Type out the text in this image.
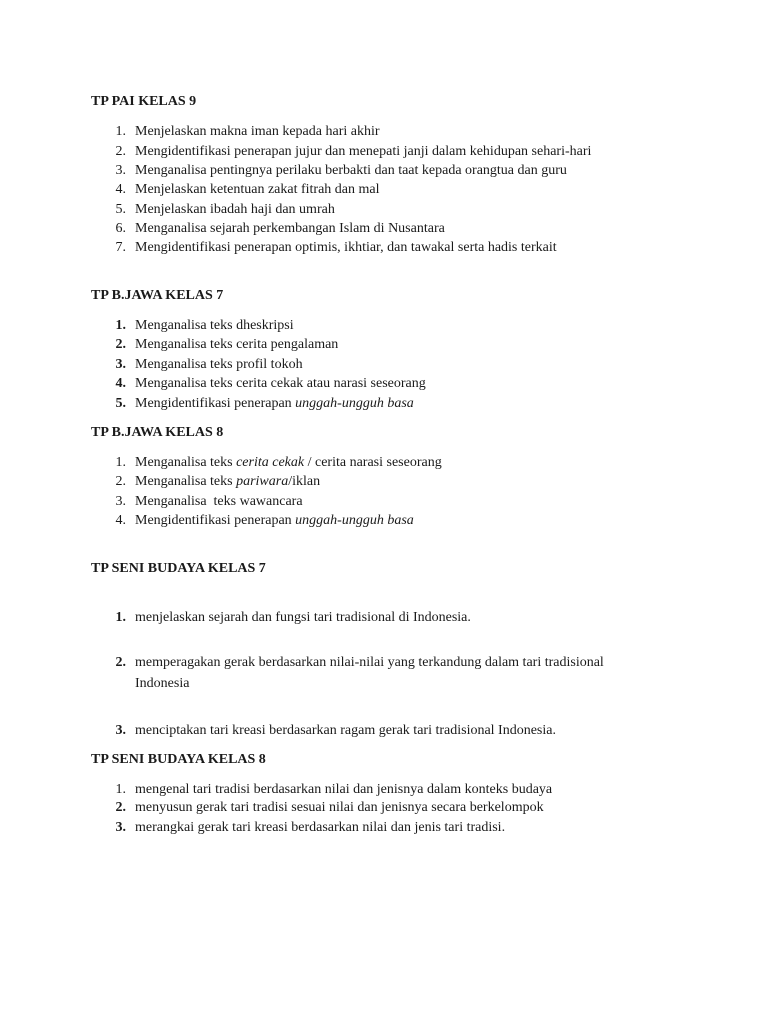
TP PAI KELAS 9
1. Menjelaskan makna iman kepada hari akhir
2. Mengidentifikasi penerapan jujur dan menepati janji dalam kehidupan sehari-hari
3. Menganalisa pentingnya perilaku berbakti dan taat kepada orangtua dan guru
4. Menjelaskan ketentuan zakat fitrah dan mal
5. Menjelaskan ibadah haji dan umrah
6. Menganalisa sejarah perkembangan Islam di Nusantara
7. Mengidentifikasi penerapan optimis, ikhtiar, dan tawakal serta hadis terkait
TP B.JAWA KELAS 7
1. Menganalisa teks dheskripsi
2. Menganalisa teks cerita pengalaman
3. Menganalisa teks profil tokoh
4. Menganalisa teks cerita cekak atau narasi seseorang
5. Mengidentifikasi penerapan unggah-ungguh basa
TP B.JAWA KELAS 8
1. Menganalisa teks cerita cekak / cerita narasi seseorang
2. Menganalisa teks pariwara/iklan
3. Menganalisa  teks wawancara
4. Mengidentifikasi penerapan unggah-ungguh basa
TP SENI BUDAYA KELAS 7
1. menjelaskan sejarah dan fungsi tari tradisional di Indonesia.
2. memperagakan gerak berdasarkan nilai-nilai yang terkandung dalam tari tradisional Indonesia
3. menciptakan tari kreasi berdasarkan ragam gerak tari tradisional Indonesia.
TP SENI BUDAYA KELAS 8
1. mengenal tari tradisi berdasarkan nilai dan jenisnya dalam konteks budaya
2. menyusun gerak tari tradisi sesuai nilai dan jenisnya secara berkelompok
3. merangkai gerak tari kreasi berdasarkan nilai dan jenis tari tradisi.
